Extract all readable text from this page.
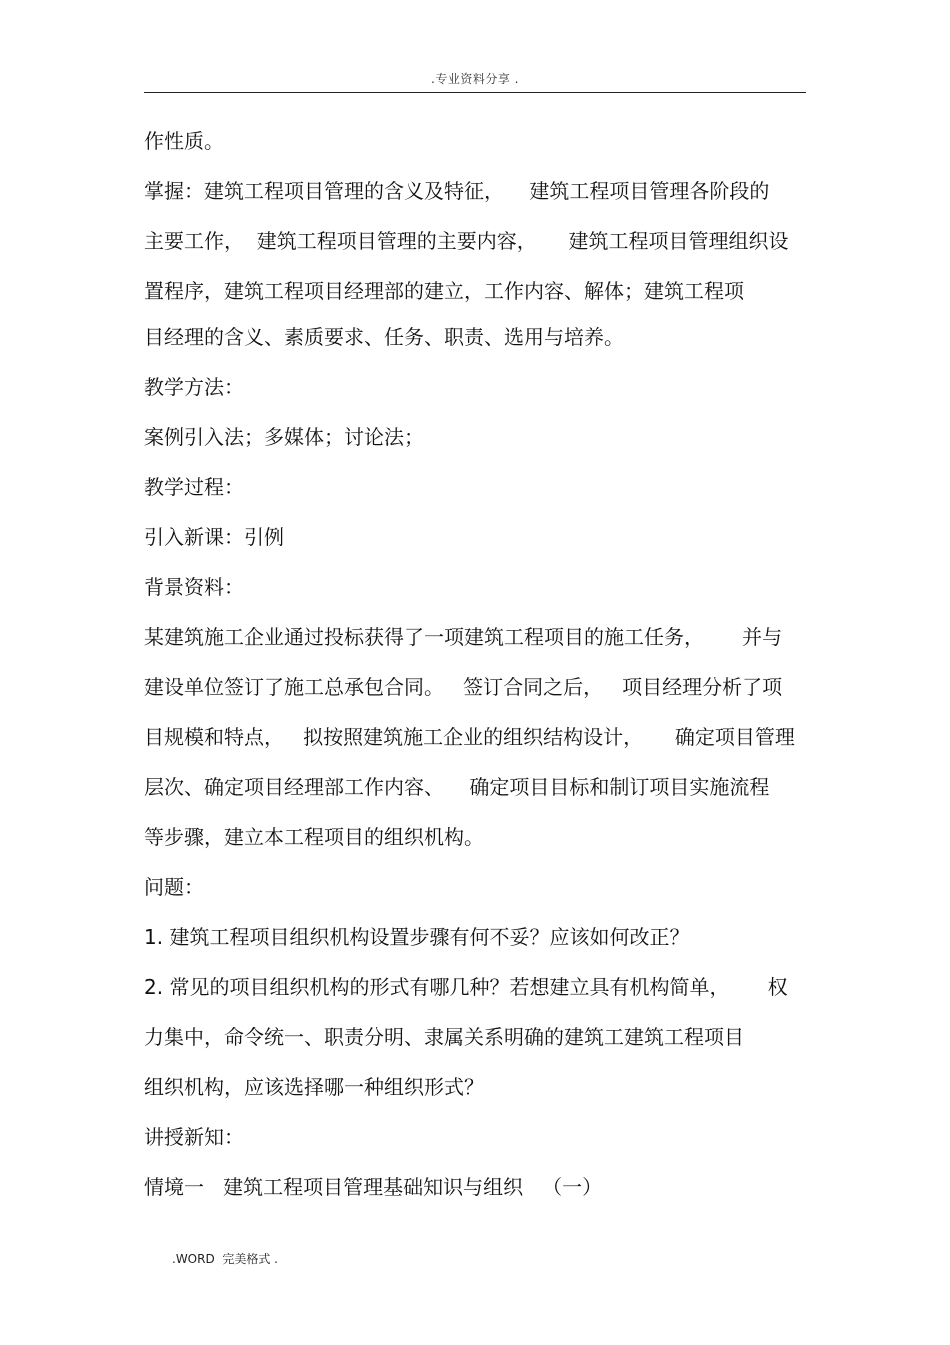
.专业资料分享 .
作性质。
掌握：建筑工程项目管理的含义及特征，    建筑工程项目管理各阶段的
主要工作，  建筑工程项目管理的主要内容，     建筑工程项目管理组织设
置程序，建筑工程项目经理部的建立，工作内容、解体；建筑工程项
目经理的含义、素质要求、任务、职责、选用与培养。
教学方法：
案例引入法；多媒体；讨论法；
教学过程：
引入新课：引例
背景资料：
某建筑施工企业通过投标获得了一项建筑工程项目的施工任务，      并与
建设单位签订了施工总承包合同。   签订合同之后，   项目经理分析了项
目规模和特点，   拟按照建筑施工企业的组织结构设计，     确定项目管理
层次、确定项目经理部工作内容、    确定项目目标和制订项目实施流程
等步骤，建立本工程项目的组织机构。
问题：
1. 建筑工程项目组织机构设置步骤有何不妥？应该如何改正？
2. 常见的项目组织机构的形式有哪几种？若想建立具有机构简单，      权
力集中，命令统一、职责分明、隶属关系明确的建筑工建筑工程项目
组织机构，应该选择哪一种组织形式？
讲授新知：
情境一   建筑工程项目管理基础知识与组织   （一）
.WORD  完美格式 .
